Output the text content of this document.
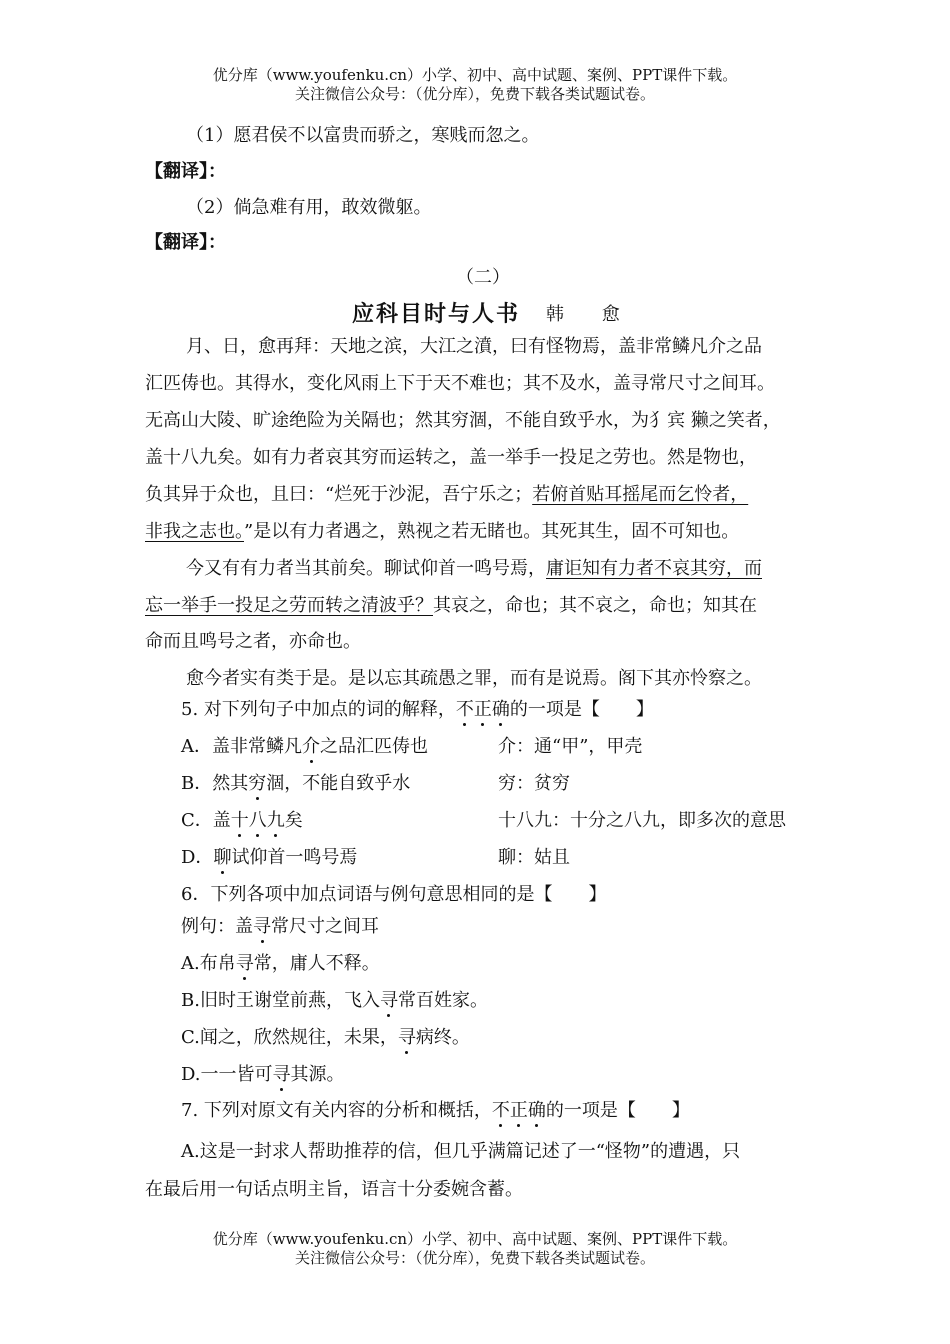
优分库（www.youfenku.cn）小学、初中、高中试题、案例、PPT课件下载。
关注微信公众号：（优分库），免费下载各类试题试卷。
（1）愿君侯不以富贵而骄之，寒贱而忽之。
【翻译】：
（2）倘急难有用，敢效微躯。
【翻译】：
（二）
应科目时与人书 韩 愈
月、日，愈再拜：天地之滨，大江之濆，曰有怪物焉，盖非常鳞凡介之品
汇匹俦也。其得水，变化风雨上下于天不难也；其不及水，盖寻常尺寸之间耳。
无高山大陵、旷途绝险为关隔也；然其穷涸，不能自致乎水，为犭宾 獭之笑者，
盖十八九矣。如有力者哀其穷而运转之，盖一举手一投足之劳也。然是物也，
负其异于众也，且曰：“烂死于沙泥，吾宁乐之；若俯首贴耳摇尾而乞怜者，
非我之志也。”是以有力者遇之，熟视之若无睹也。其死其生，固不可知也。
今又有有力者当其前矣。聊试仰首一鸣号焉，庸讵知有力者不哀其穷，而
忘一举手一投足之劳而转之清波乎？其哀之，命也；其不哀之，命也；知其在
命而且鸣号之者，亦命也。
愈今者实有类于是。是以忘其疏愚之罪，而有是说焉。阁下其亦怜察之。
5. 对下列句子中加点的词的解释，不正确的一项是【　　】
A．盖非常鳞凡介之品汇匹俦也	介：通“甲”，甲壳
B．然其穷涸，不能自致乎水	穷：贫穷
C．盖十八九矣	十八九：十分之八九，即多次的意思
D．聊试仰首一鸣号焉	聊：姑且
6．下列各项中加点词语与例句意思相同的是【　　】
例句：盖寻常尺寸之间耳
A.布帛寻常，庸人不释。
B.旧时王谢堂前燕，飞入寻常百姓家。
C.闻之，欣然规往，未果，寻病终。
D.一一皆可寻其源。
7. 下列对原文有关内容的分析和概括，不正确的一项是【　　】
A.这是一封求人帮助推荐的信，但几乎满篇记述了一“怪物”的遭遇，只
在最后用一句话点明主旨，语言十分委婉含蓄。
优分库（www.youfenku.cn）小学、初中、高中试题、案例、PPT课件下载。
关注微信公众号：（优分库），免费下载各类试题试卷。
